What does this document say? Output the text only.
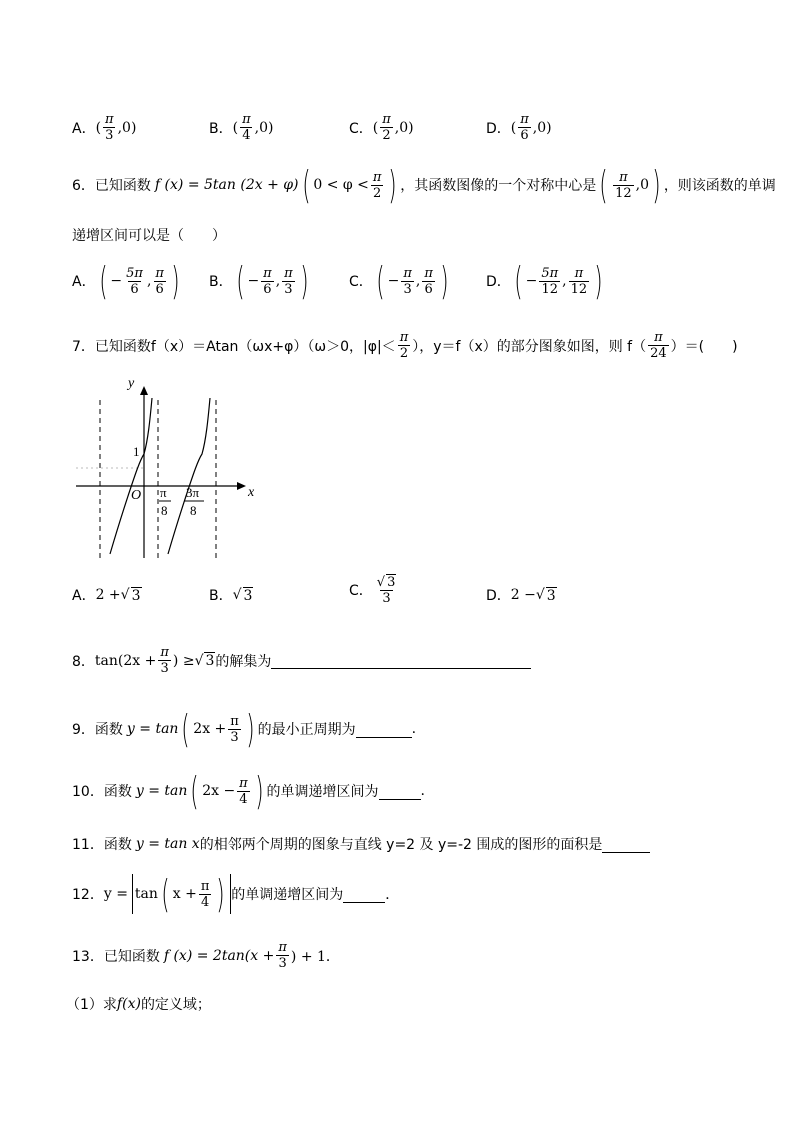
A． ( $\frac{\pi}{3} ,0$)	B． ( $\frac{\pi}{4} ,0$)	C． ( $\frac{\pi}{2} ,0$)	D． ( $\frac{\pi}{6} ,0$)
6．已知函数 f (x) = 5tan (2x + φ) ( $0 < \varphi < \frac{\pi}{2}$ ) ，其函数图像的一个对称中心是 ( $\frac{\pi}{12} ,0$ ) ，则该函数的单调
递增区间可以是（　　）
A． ( − $\frac{5\pi}{6}$ , $\frac{\pi}{6}$ ) B． ( − $\frac{\pi}{6}$ , $\frac{\pi}{3}$ )	C． ( − $\frac{\pi}{3}$ , $\frac{\pi}{6}$ )	D． ( − $\frac{5\pi}{12}$ , $\frac{\pi}{12}$ )
7．已知函数 f（x）＝Atan（ωx+φ）（ω＞0，$|\varphi|< \frac{\pi}{2}$ ），y＝f（x）的部分图象如图，则 $f( \frac{\pi}{24}$ ）＝(　　)
y
x
O
1
π
8
3π
8
A． 2 + √ 3	B． √ 3	C． $\frac{√ 3}{3}$	D． 2 − √ 3
8． $\tan(2x + \frac{\pi}{3}$ ) ≥ √ 3 的解集为
9．函数 y = tan ( $2x + \frac{\pi}{3}$ ) 的最小正周期为	.
10．函数 y = tan ( $2x - \frac{\pi}{4}$ ) 的单调递增区间为	.
11．函数 y = tan x 的相邻两个周期的图象与直线 y=2 及 y=-2 围成的图形的面积是
12． y = tan ( $x + \frac{\pi}{4}$ ) 的单调递增区间为	．
13．已知函数 f $(x) = 2\tan(x + \frac{\pi}{3}$ ) + 1．
（1）求 f(x) 的定义域；
